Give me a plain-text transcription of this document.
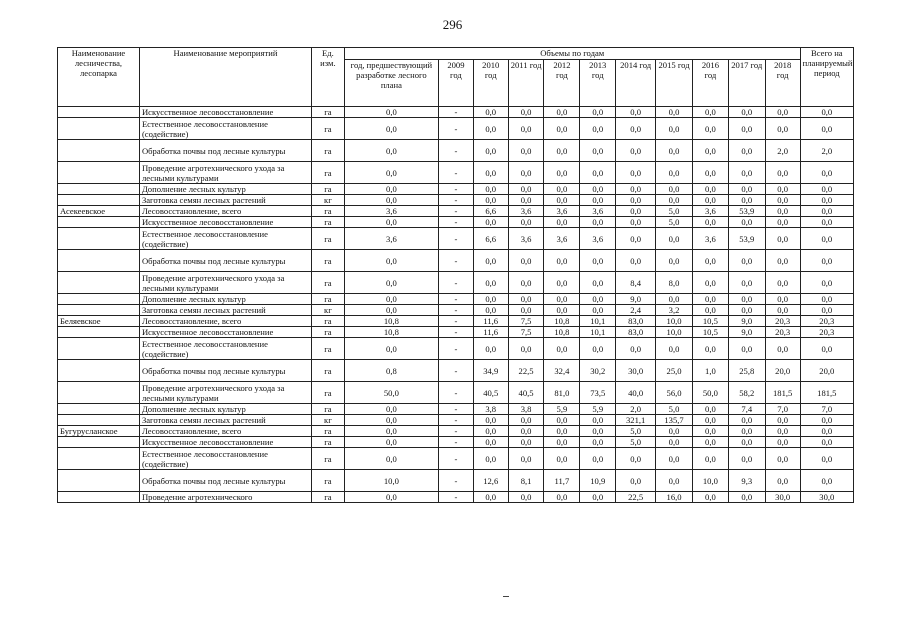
296
Наименование лесничества, лесопарка	Наименование мероприятий	Ед. изм.	Объемы по годам											Всего на планируемый период
			год, предшествующий разработке лесного плана	2009 год	2010 год	2011 год	2012 год	2013 год	2014 год	2015 год	2016 год	2017 год	2018 год	
	Искусственное лесовосстановление	га	0,0	-	0,0	0,0	0,0	0,0	0,0	0,0	0,0	0,0	0,0	0,0
	Естественное лесовосстановление (содействие)	га	0,0	-	0,0	0,0	0,0	0,0	0,0	0,0	0,0	0,0	0,0	0,0
	Обработка почвы под лесные культуры	га	0,0	-	0,0	0,0	0,0	0,0	0,0	0,0	0,0	0,0	2,0	2,0
	Проведение агротехнического ухода за лесными культурами	га	0,0	-	0,0	0,0	0,0	0,0	0,0	0,0	0,0	0,0	0,0	0,0
	Дополнение лесных культур	га	0,0	-	0,0	0,0	0,0	0,0	0,0	0,0	0,0	0,0	0,0	0,0
	Заготовка семян лесных растений	кг	0,0	-	0,0	0,0	0,0	0,0	0,0	0,0	0,0	0,0	0,0	0,0
Асекеевское	Лесовосстановление, всего	га	3,6	-	6,6	3,6	3,6	3,6	0,0	5,0	3,6	53,9	0,0	0,0
	Искусственное лесовосстановление	га	0,0	-	0,0	0,0	0,0	0,0	0,0	5,0	0,0	0,0	0,0	0,0
	Естественное лесовосстановление (содействие)	га	3,6	-	6,6	3,6	3,6	3,6	0,0	0,0	3,6	53,9	0,0	0,0
	Обработка почвы под лесные культуры	га	0,0	-	0,0	0,0	0,0	0,0	0,0	0,0	0,0	0,0	0,0	0,0
	Проведение агротехнического ухода за лесными культурами	га	0,0	-	0,0	0,0	0,0	0,0	8,4	8,0	0,0	0,0	0,0	0,0
	Дополнение лесных культур	га	0,0	-	0,0	0,0	0,0	0,0	9,0	0,0	0,0	0,0	0,0	0,0
	Заготовка семян лесных растений	кг	0,0	-	0,0	0,0	0,0	0,0	2,4	3,2	0,0	0,0	0,0	0,0
Беляевское	Лесовосстановление, всего	га	10,8	-	11,6	7,5	10,8	10,1	83,0	10,0	10,5	9,0	20,3	20,3
	Искусственное лесовосстановление	га	10,8	-	11,6	7,5	10,8	10,1	83,0	10,0	10,5	9,0	20,3	20,3
	Естественное лесовосстановление (содействие)	га	0,0	-	0,0	0,0	0,0	0,0	0,0	0,0	0,0	0,0	0,0	0,0
	Обработка почвы под лесные культуры	га	0,8	-	34,9	22,5	32,4	30,2	30,0	25,0	1,0	25,8	20,0	20,0
	Проведение агротехнического ухода за лесными культурами	га	50,0	-	40,5	40,5	81,0	73,5	40,0	56,0	50,0	58,2	181,5	181,5
	Дополнение лесных культур	га	0,0	-	3,8	3,8	5,9	5,9	2,0	5,0	0,0	7,4	7,0	7,0
	Заготовка семян лесных растений	кг	0,0	-	0,0	0,0	0,0	0,0	321,1	135,7	0,0	0,0	0,0	0,0
Бугурусланское	Лесовосстановление, всего	га	0,0	-	0,0	0,0	0,0	0,0	5,0	0,0	0,0	0,0	0,0	0,0
	Искусственное лесовосстановление	га	0,0	-	0,0	0,0	0,0	0,0	5,0	0,0	0,0	0,0	0,0	0,0
	Естественное лесовосстановление (содействие)	га	0,0	-	0,0	0,0	0,0	0,0	0,0	0,0	0,0	0,0	0,0	0,0
	Обработка почвы под лесные культуры	га	10,0	-	12,6	8,1	11,7	10,9	0,0	0,0	10,0	9,3	0,0	0,0
	Проведение агротехнического	га	0,0	-	0,0	0,0	0,0	0,0	22,5	16,0	0,0	0,0	30,0	30,0
